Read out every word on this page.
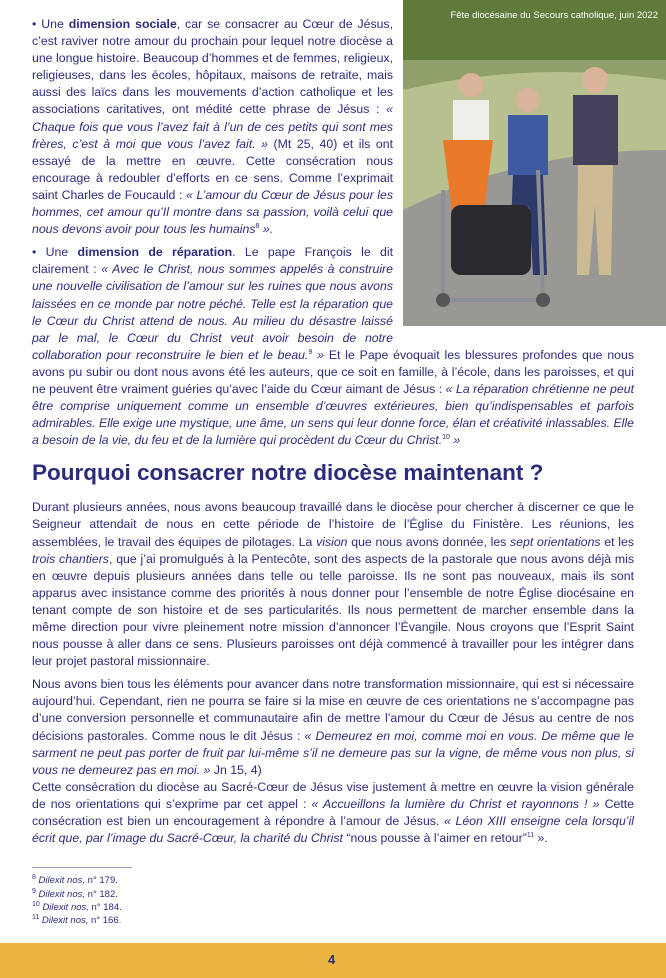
Fête diocésaine du Secours catholique, juin 2022

• Une dimension sociale, car se consacrer au Cœur de Jésus, c’est raviver notre amour du prochain pour lequel notre diocèse a une longue histoire. Beaucoup d’hommes et de femmes, religieux, religieuses, dans les écoles, hôpitaux, maisons de retraite, mais aussi des laïcs dans les mouvements d’action catholique et les associations caritatives, ont médité cette phrase de Jésus : « Chaque fois que vous l’avez fait à l’un de ces petits qui sont mes frères, c’est à moi que vous l’avez fait. » (Mt 25, 40) et ils ont essayé de la mettre en œuvre. Cette consécration nous encourage à redoubler d’efforts en ce sens. Comme l’exprimait saint Charles de Foucauld : « L’amour du Cœur de Jésus pour les hommes, cet amour qu’Il montre dans sa passion, voilà celui que nous devons avoir pour tous les humains$^8$ ».

• Une dimension de réparation. Le pape François le dit clairement : « Avec le Christ, nous sommes appelés à construire une nouvelle civilisation de l’amour sur les ruines que nous avons laissées en ce monde par notre péché. Telle est la réparation que le Cœur du Christ attend de nous. Au milieu du désastre laissé par le mal, le Cœur du Christ veut avoir besoin de notre collaboration pour reconstruire le bien et le beau.$^9$ » Et le Pape évoquait les blessures profondes que nous avons pu subir ou dont nous avons été les auteurs, que ce soit en famille, à l’école, dans les paroisses, et qui ne peuvent être vraiment guéries qu’avec l’aide du Cœur aimant de Jésus : « La réparation chrétienne ne peut être comprise uniquement comme un ensemble d’œuvres extérieures, bien qu’indispensables et parfois admirables. Elle exige une mystique, une âme, un sens qui leur donne force, élan et créativité inlassables. Elle a besoin de la vie, du feu et de la lumière qui procèdent du Cœur du Christ.$^{10}$ »

Pourquoi consacrer notre diocèse maintenant ?

Durant plusieurs années, nous avons beaucoup travaillé dans le diocèse pour chercher à discerner ce que le Seigneur attendait de nous en cette période de l’histoire de l’Église du Finistère. Les réunions, les assemblées, le travail des équipes de pilotages. La vision que nous avons donnée, les sept orientations et les trois chantiers, que j’ai promulgués à la Pentecôte, sont des aspects de la pastorale que nous avons déjà mis en œuvre depuis plusieurs années dans telle ou telle paroisse. Ils ne sont pas nouveaux, mais ils sont apparus avec insistance comme des priorités à nous donner pour l’ensemble de notre Église diocésaine en tenant compte de son histoire et de ses particularités. Ils nous permettent de marcher ensemble dans la même direction pour vivre pleinement notre mission d’annoncer l’Évangile. Nous croyons que l’Esprit Saint nous pousse à aller dans ce sens. Plusieurs paroisses ont déjà commencé à travailler pour les intégrer dans leur projet pastoral missionnaire.

Nous avons bien tous les éléments pour avancer dans notre transformation missionnaire, qui est si nécessaire aujourd’hui. Cependant, rien ne pourra se faire si la mise en œuvre de ces orientations ne s’accompagne pas d’une conversion personnelle et communautaire afin de mettre l’amour du Cœur de Jésus au centre de nos décisions pastorales. Comme nous le dit Jésus : « Demeurez en moi, comme moi en vous. De même que le sarment ne peut pas porter de fruit par lui-même s’il ne demeure pas sur la vigne, de même vous non plus, si vous ne demeurez pas en moi. » Jn 15, 4)
Cette consécration du diocèse au Sacré-Cœur de Jésus vise justement à mettre en œuvre la vision générale de nos orientations qui s’exprime par cet appel : « Accueillons la lumière du Christ et rayonnons ! » Cette consécration est bien un encouragement à répondre à l’amour de Jésus. « Léon XIII enseigne cela lorsqu’il écrit que, par l’image du Sacré-Cœur, la charité du Christ “nous pousse à l’aimer en retour”$^{11}$ ».

$^8$ Dilexit nos, n° 179.
$^9$ Dilexit nos, n° 182.
$^{10}$ Dilexit nos, n° 184.
$^{11}$ Dilexit nos, n° 166.
4
